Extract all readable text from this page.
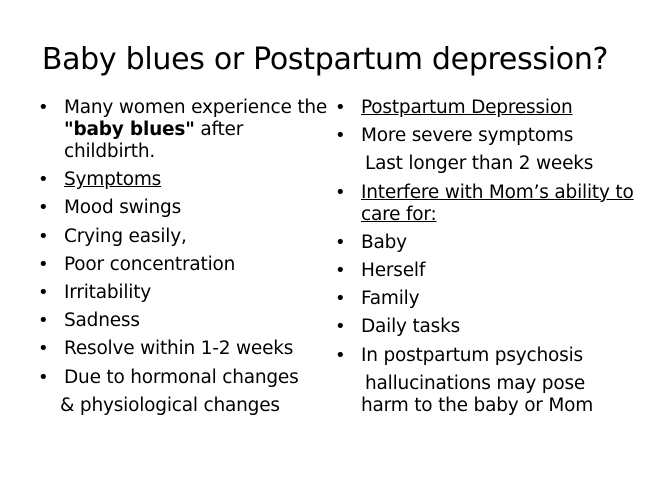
Baby blues or Postpartum depression?
• Many women experience the "baby blues" after childbirth.
• Symptoms
• Mood swings
• Crying easily,
• Poor concentration
• Irritability
• Sadness
• Resolve within 1-2 weeks
• Due to hormonal changes
& physiological changes
• Postpartum Depression
• More severe symptoms
Last longer than 2 weeks
• Interfere with Mom’s ability to care for:
• Baby
• Herself
• Family
• Daily tasks
• In postpartum psychosis
hallucinations may pose
harm to the baby or Mom
